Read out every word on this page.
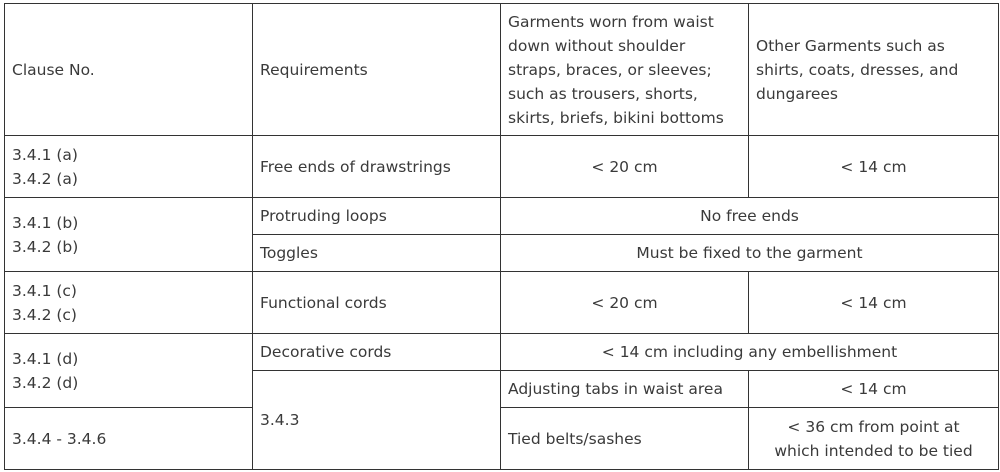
Clause No.	Requirements	Garments worn from waist
down without shoulder
straps, braces, or sleeves;
such as trousers, shorts,
skirts, briefs, bikini bottoms	Other Garments such as
shirts, coats, dresses, and
dungarees
3.4.1 (a)
3.4.2 (a)	Free ends of drawstrings	< 20 cm	< 14 cm
3.4.1 (b)
3.4.2 (b)	Protruding loops	No free ends	
	Toggles	Must be fixed to the garment	
3.4.1 (c)
3.4.2 (c)	Functional cords	< 20 cm	< 14 cm
3.4.1 (d)
3.4.2 (d)	Decorative cords	< 14 cm including any embellishment	
	3.4.3	Adjusting tabs in waist area	< 14 cm
3.4.4 - 3.4.6		Tied belts/sashes	< 36 cm from point at
which intended to be tied
